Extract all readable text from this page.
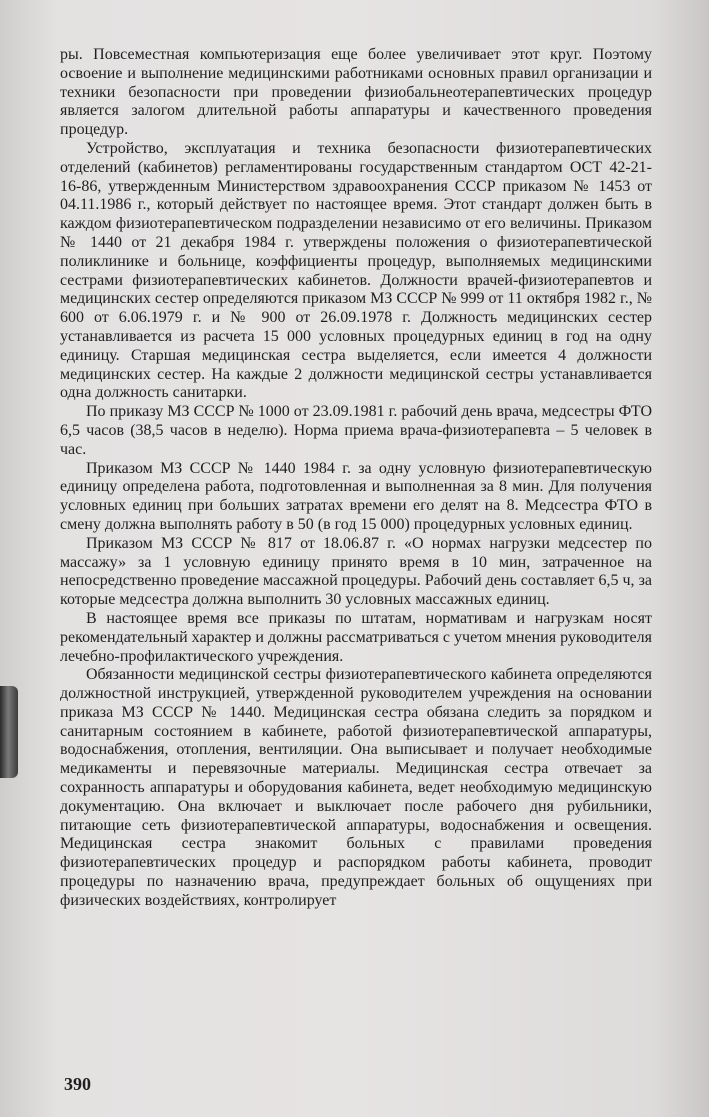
ры. Повсеместная компьютеризация еще более увеличивает этот круг. Поэтому освоение и выполнение медицинскими работниками основных правил организации и техники безопасности при проведении физиобальнеотерапевтических процедур является залогом длительной работы аппаратуры и качественного проведения процедур.

Устройство, эксплуатация и техника безопасности физиотерапевтических отделений (кабинетов) регламентированы государственным стандартом ОСТ 42-21-16-86, утвержденным Министерством здравоохранения СССР приказом № 1453 от 04.11.1986 г., который действует по настоящее время. Этот стандарт должен быть в каждом физиотерапевтическом подразделении независимо от его величины. Приказом № 1440 от 21 декабря 1984 г. утверждены положения о физиотерапевтической поликлинике и больнице, коэффициенты процедур, выполняемых медицинскими сестрами физиотерапевтических кабинетов. Должности врачей-физиотерапевтов и медицинских сестер определяются приказом МЗ СССР № 999 от 11 октября 1982 г., № 600 от 6.06.1979 г. и № 900 от 26.09.1978 г. Должность медицинских сестер устанавливается из расчета 15 000 условных процедурных единиц в год на одну единицу. Старшая медицинская сестра выделяется, если имеется 4 должности медицинских сестер. На каждые 2 должности медицинской сестры устанавливается одна должность санитарки.

По приказу МЗ СССР № 1000 от 23.09.1981 г. рабочий день врача, медсестры ФТО 6,5 часов (38,5 часов в неделю). Норма приема врача-физиотерапевта – 5 человек в час.

Приказом МЗ СССР № 1440 1984 г. за одну условную физиотерапевтическую единицу определена работа, подготовленная и выполненная за 8 мин. Для получения условных единиц при больших затратах времени его делят на 8. Медсестра ФТО в смену должна выполнять работу в 50 (в год 15 000) процедурных условных единиц.

Приказом МЗ СССР № 817 от 18.06.87 г. «О нормах нагрузки медсестер по массажу» за 1 условную единицу принято время в 10 мин, затраченное на непосредственно проведение массажной процедуры. Рабочий день составляет 6,5 ч, за которые медсестра должна выполнить 30 условных массажных единиц.

В настоящее время все приказы по штатам, нормативам и нагрузкам носят рекомендательный характер и должны рассматриваться с учетом мнения руководителя лечебно-профилактического учреждения.

Обязанности медицинской сестры физиотерапевтического кабинета определяются должностной инструкцией, утвержденной руководителем учреждения на основании приказа МЗ СССР № 1440. Медицинская сестра обязана следить за порядком и санитарным состоянием в кабинете, работой физиотерапевтической аппаратуры, водоснабжения, отопления, вентиляции. Она выписывает и получает необходимые медикаменты и перевязочные материалы. Медицинская сестра отвечает за сохранность аппаратуры и оборудования кабинета, ведет необходимую медицинскую документацию. Она включает и выключает после рабочего дня рубильники, питающие сеть физиотерапевтической аппаратуры, водоснабжения и освещения. Медицинская сестра знакомит больных с правилами проведения физиотерапевтических процедур и распорядком работы кабинета, проводит процедуры по назначению врача, предупреждает больных об ощущениях при физических воздействиях, контролирует

390
